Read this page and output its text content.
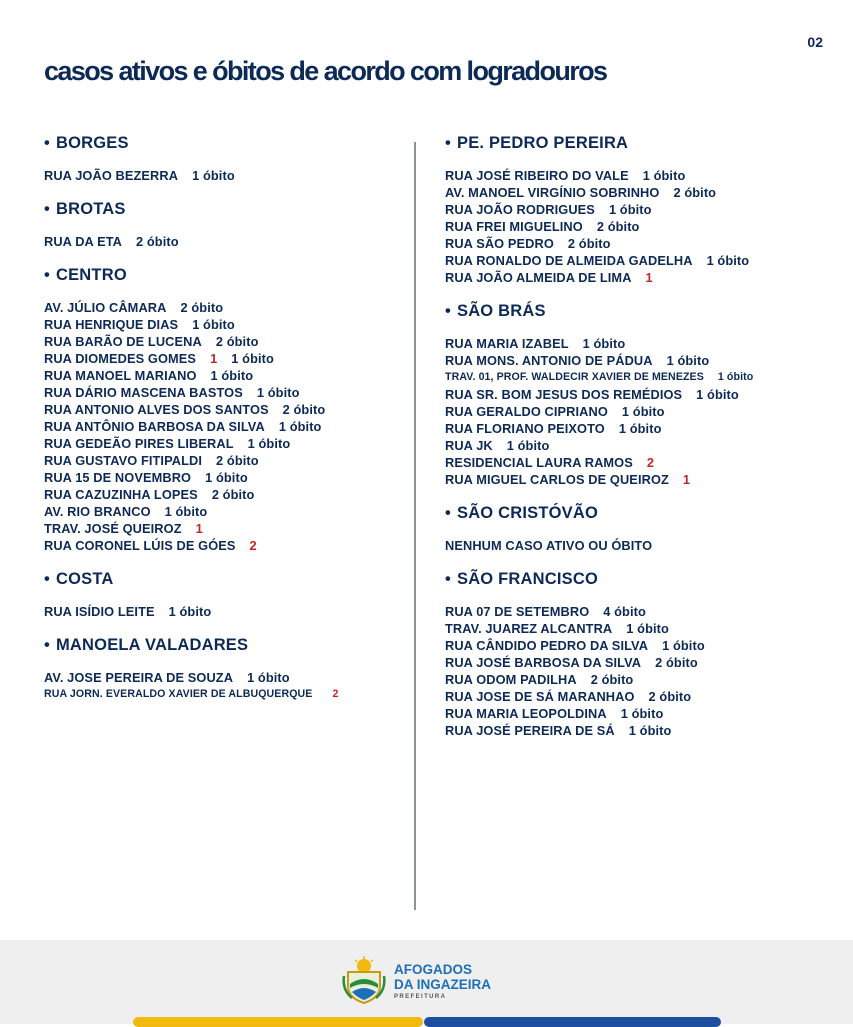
02
casos ativos e óbitos de acordo com logradouros
• BORGES
RUA JOÃO BEZERRA 1 óbito
• BROTAS
RUA DA ETA 2 óbito
• CENTRO
AV. JÚLIO CÂMARA 2 óbito
RUA HENRIQUE DIAS 1 óbito
RUA BARÃO DE LUCENA 2 óbito
RUA DIOMEDES GOMES 1 1 óbito
RUA MANOEL MARIANO 1 óbito
RUA DÁRIO MASCENA BASTOS 1 óbito
RUA ANTONIO ALVES DOS SANTOS 2 óbito
RUA ANTÔNIO BARBOSA DA SILVA 1 óbito
RUA GEDEÃO PIRES LIBERAL 1 óbito
RUA GUSTAVO FITIPALDI 2 óbito
RUA 15 DE NOVEMBRO 1 óbito
RUA CAZUZINHA LOPES 2 óbito
AV. RIO BRANCO 1 óbito
TRAV. JOSÉ QUEIROZ 1
RUA CORONEL LÚIS DE GÓES 2
• COSTA
RUA ISÍDIO LEITE 1 óbito
• MANOELA VALADARES
AV. JOSE PEREIRA DE SOUZA 1 óbito
RUA JORN. EVERALDO XAVIER DE ALBUQUERQUE 2
• PE. PEDRO PEREIRA
RUA JOSÉ RIBEIRO DO VALE 1 óbito
AV. MANOEL VIRGÍNIO SOBRINHO 2 óbito
RUA JOÃO RODRIGUES 1 óbito
RUA FREI MIGUELINO 2 óbito
RUA SÃO PEDRO 2 óbito
RUA RONALDO DE ALMEIDA GADELHA 1 óbito
RUA JOÃO ALMEIDA DE LIMA 1
• SÃO BRÁS
RUA MARIA IZABEL 1 óbito
RUA MONS. ANTONIO DE PÁDUA 1 óbito
TRAV. 01, PROF. WALDECIR XAVIER DE MENEZES 1 óbito
RUA SR. BOM JESUS DOS REMÉDIOS 1 óbito
RUA GERALDO CIPRIANO 1 óbito
RUA FLORIANO PEIXOTO 1 óbito
RUA JK 1 óbito
RESIDENCIAL LAURA RAMOS 2
RUA MIGUEL CARLOS DE QUEIROZ 1
• SÃO CRISTÓVÃO
NENHUM CASO ATIVO OU ÓBITO
• SÃO FRANCISCO
RUA 07 DE SETEMBRO 4 óbito
TRAV. JUAREZ ALCANTRA 1 óbito
RUA CÂNDIDO PEDRO DA SILVA 1 óbito
RUA JOSÉ BARBOSA DA SILVA 2 óbito
RUA ODOM PADILHA 2 óbito
RUA JOSE DE SÁ MARANHAO 2 óbito
RUA MARIA LEOPOLDINA 1 óbito
RUA JOSÉ PEREIRA DE SÁ 1 óbito
AFOGADOS
DA INGAZEIRA
PREFEITURA
